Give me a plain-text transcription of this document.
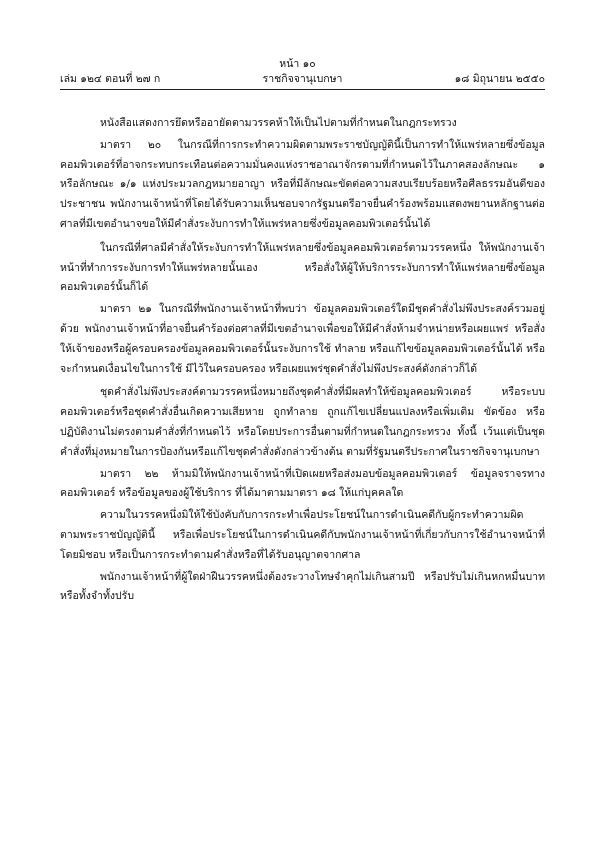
หน้า ๑๐
เล่ม ๑๒๔ ตอนที่ ๒๗ ก	ราชกิจจานุเบกษา	๑๘ มิถุนายน ๒๕๕๐

หนังสือแสดงการยึดหรืออายัดตามวรรคห้าให้เป็นไปตามที่กำหนดในกฎกระทรวง

มาตรา ๒๐ ในกรณีที่การกระทำความผิดตามพระราชบัญญัตินี้เป็นการทำให้แพร่หลายซึ่งข้อมูลคอมพิวเตอร์ที่อาจกระทบกระเทือนต่อความมั่นคงแห่งราชอาณาจักรตามที่กำหนดไว้ในภาคสองลักษณะ ๑ หรือลักษณะ ๑/๑ แห่งประมวลกฎหมายอาญา หรือที่มีลักษณะขัดต่อความสงบเรียบร้อยหรือศีลธรรมอันดีของประชาชน พนักงานเจ้าหน้าที่โดยได้รับความเห็นชอบจากรัฐมนตรีอาจยื่นคำร้องพร้อมแสดงพยานหลักฐานต่อศาลที่มีเขตอำนาจขอให้มีคำสั่งระงับการทำให้แพร่หลายซึ่งข้อมูลคอมพิวเตอร์นั้นได้

ในกรณีที่ศาลมีคำสั่งให้ระงับการทำให้แพร่หลายซึ่งข้อมูลคอมพิวเตอร์ตามวรรคหนึ่ง ให้พนักงานเจ้าหน้าที่ทำการระงับการทำให้แพร่หลายนั้นเอง หรือสั่งให้ผู้ให้บริการระงับการทำให้แพร่หลายซึ่งข้อมูลคอมพิวเตอร์นั้นก็ได้

มาตรา ๒๑ ในกรณีที่พนักงานเจ้าหน้าที่พบว่า ข้อมูลคอมพิวเตอร์ใดมีชุดคำสั่งไม่พึงประสงค์รวมอยู่ด้วย พนักงานเจ้าหน้าที่อาจยื่นคำร้องต่อศาลที่มีเขตอำนาจเพื่อขอให้มีคำสั่งห้ามจำหน่ายหรือเผยแพร่ หรือสั่งให้เจ้าของหรือผู้ครอบครองข้อมูลคอมพิวเตอร์นั้นระงับการใช้ ทำลาย หรือแก้ไขข้อมูลคอมพิวเตอร์นั้นได้ หรือจะกำหนดเงื่อนไขในการใช้ มีไว้ในครอบครอง หรือเผยแพร่ชุดคำสั่งไม่พึงประสงค์ดังกล่าวก็ได้

ชุดคำสั่งไม่พึงประสงค์ตามวรรคหนึ่งหมายถึงชุดคำสั่งที่มีผลทำให้ข้อมูลคอมพิวเตอร์ หรือระบบคอมพิวเตอร์หรือชุดคำสั่งอื่นเกิดความเสียหาย ถูกทำลาย ถูกแก้ไขเปลี่ยนแปลงหรือเพิ่มเติม ขัดข้อง หรือปฏิบัติงานไม่ตรงตามคำสั่งที่กำหนดไว้ หรือโดยประการอื่นตามที่กำหนดในกฎกระทรวง ทั้งนี้ เว้นแต่เป็นชุดคำสั่งที่มุ่งหมายในการป้องกันหรือแก้ไขชุดคำสั่งดังกล่าวข้างต้น ตามที่รัฐมนตรีประกาศในราชกิจจานุเบกษา

มาตรา ๒๒ ห้ามมิให้พนักงานเจ้าหน้าที่เปิดเผยหรือส่งมอบข้อมูลคอมพิวเตอร์ ข้อมูลจราจรทางคอมพิวเตอร์ หรือข้อมูลของผู้ใช้บริการ ที่ได้มาตามมาตรา ๑๘ ให้แก่บุคคลใด

ความในวรรคหนึ่งมิให้ใช้บังคับกับการกระทำเพื่อประโยชน์ในการดำเนินคดีกับผู้กระทำความผิดตามพระราชบัญญัตินี้ หรือเพื่อประโยชน์ในการดำเนินคดีกับพนักงานเจ้าหน้าที่เกี่ยวกับการใช้อำนาจหน้าที่โดยมิชอบ หรือเป็นการกระทำตามคำสั่งหรือที่ได้รับอนุญาตจากศาล

พนักงานเจ้าหน้าที่ผู้ใดฝ่าฝืนวรรคหนึ่งต้องระวางโทษจำคุกไม่เกินสามปี หรือปรับไม่เกินหกหมื่นบาท หรือทั้งจำทั้งปรับ
